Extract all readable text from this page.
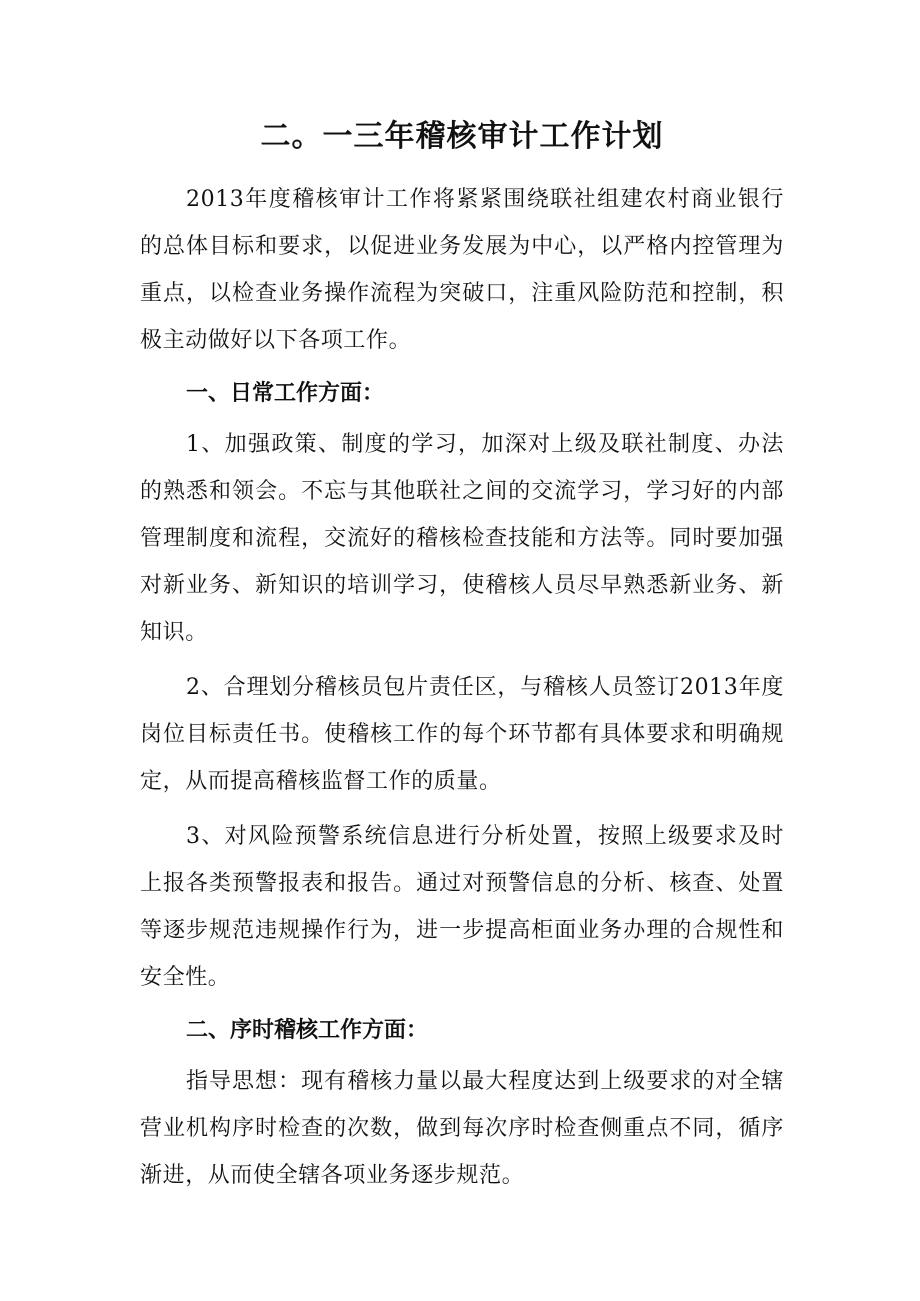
二。一三年稽核审计工作计划

2013年度稽核审计工作将紧紧围绕联社组建农村商业银行的总体目标和要求，以促进业务发展为中心，以严格内控管理为重点，以检查业务操作流程为突破口，注重风险防范和控制，积极主动做好以下各项工作。

一、日常工作方面：

1、加强政策、制度的学习，加深对上级及联社制度、办法的熟悉和领会。不忘与其他联社之间的交流学习，学习好的内部管理制度和流程，交流好的稽核检查技能和方法等。同时要加强对新业务、新知识的培训学习，使稽核人员尽早熟悉新业务、新知识。

2、合理划分稽核员包片责任区，与稽核人员签订2013年度岗位目标责任书。使稽核工作的每个环节都有具体要求和明确规定，从而提高稽核监督工作的质量。

3、对风险预警系统信息进行分析处置，按照上级要求及时上报各类预警报表和报告。通过对预警信息的分析、核查、处置等逐步规范违规操作行为，进一步提高柜面业务办理的合规性和安全性。

二、序时稽核工作方面：

指导思想：现有稽核力量以最大程度达到上级要求的对全辖营业机构序时检查的次数，做到每次序时检查侧重点不同，循序渐进，从而使全辖各项业务逐步规范。
